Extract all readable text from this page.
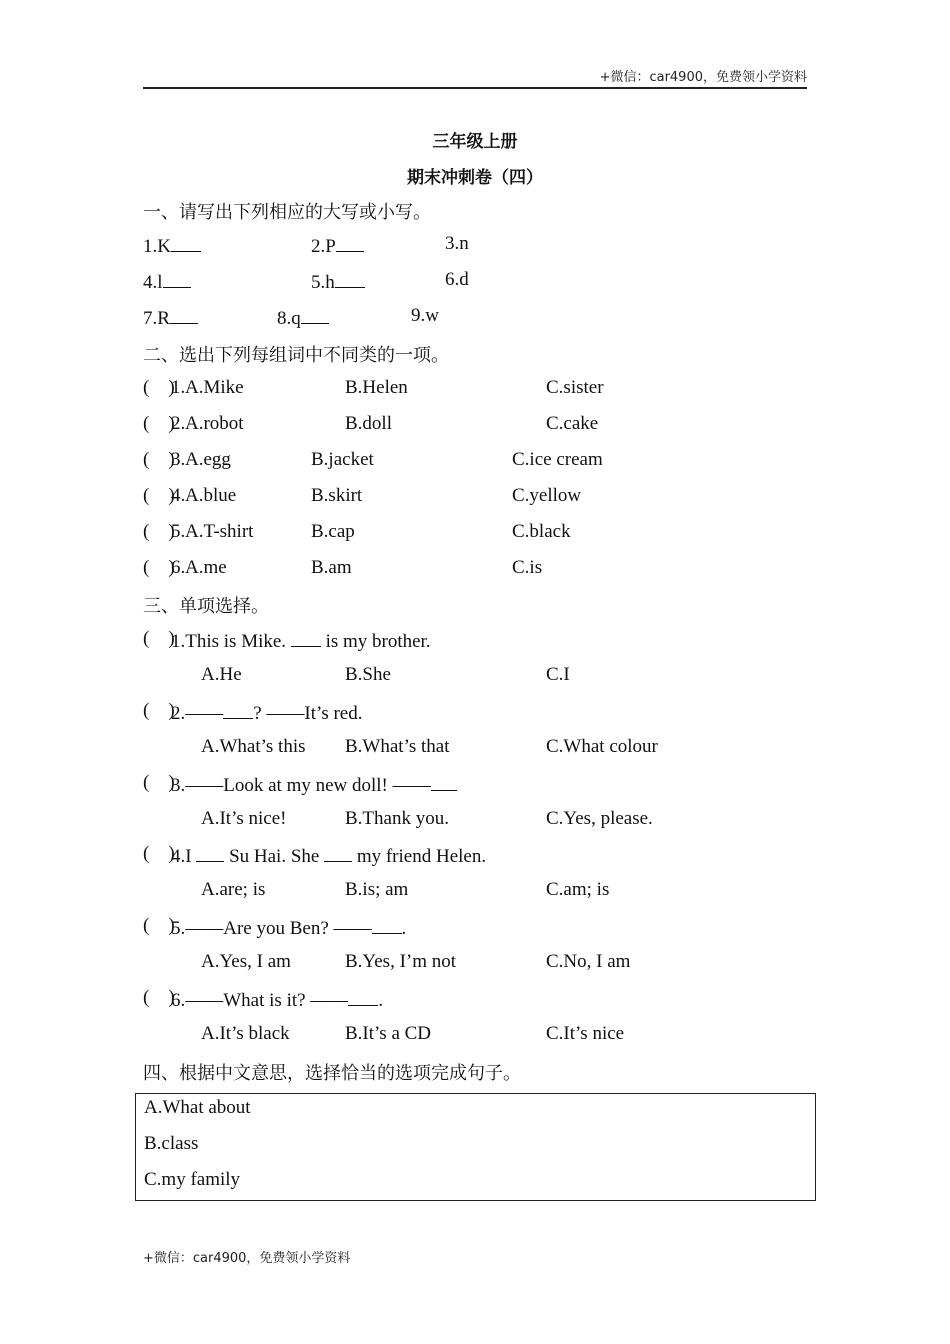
+微信：car4900，免费领小学资料
三年级上册
期末冲刺卷（四）
一、请写出下列相应的大写或小写。
1.K	2.P	3.n
4.l	5.h	6.d
7.R	8.q	9.w
二、选出下列每组词中不同类的一项。
(    )
1. A.Mike	B.Helen	C.sister
(    )
2. A.robot	B.doll	C.cake
(    )
3. A.egg	B.jacket	C.ice cream
(    )
4. A.blue	B.skirt	C.yellow
(    )
5. A.T-shirt	B.cap	C.black
(    )
6. A.me	B.am	C.is
三、单项选择。
(    )
1.This is Mike.  is my brother.
A.He	B.She	C.I
(    )
2.—— ? ——It’s red.
A.What’s this B.What’s that	C.What colour
(    )
3.——Look at my new doll! ——
A.It’s nice!	B.Thank you.	C.Yes, please.
(    )
4.I  Su Hai. She  my friend Helen.
A.are; is	B.is; am	C.am; is
(    )
5.——Are you Ben? —— .
A.Yes, I am	B.Yes, I’m not	C.No, I am
(    )
6.——What is it? —— .
A.It’s black	B.It’s a CD	C.It’s nice
四、根据中文意思，选择恰当的选项完成句子。
A.What about
B.class
C.my family
+微信：car4900，免费领小学资料
